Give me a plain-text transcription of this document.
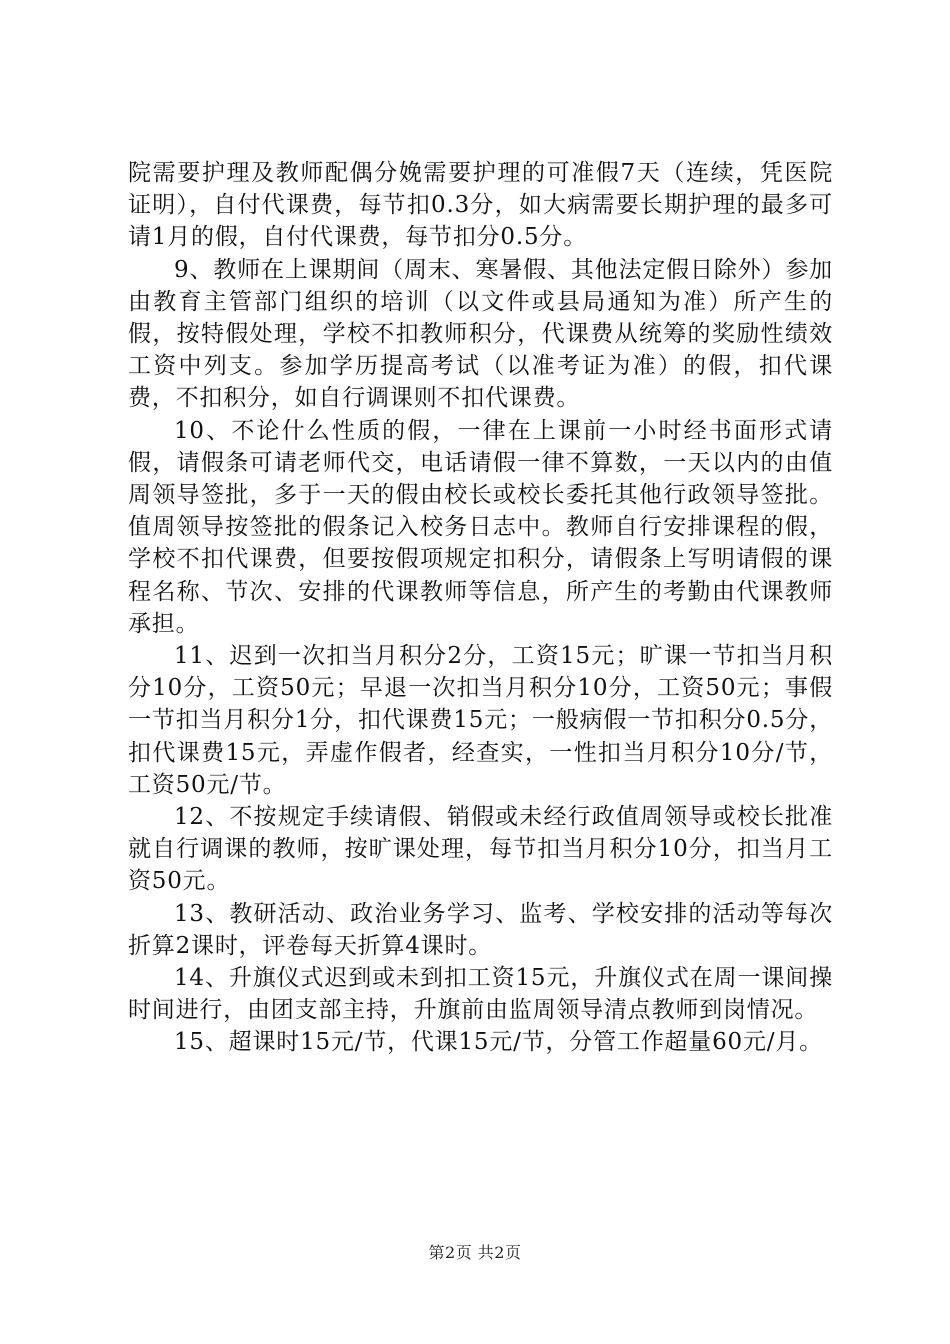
院需要护理及教师配偶分娩需要护理的可准假7天（连续，凭医院证明），自付代课费，每节扣0.3分，如大病需要长期护理的最多可请1月的假，自付代课费，每节扣分0.5分。

9、教师在上课期间（周末、寒暑假、其他法定假日除外）参加由教育主管部门组织的培训（以文件或县局通知为准）所产生的假，按特假处理，学校不扣教师积分，代课费从统筹的奖励性绩效工资中列支。参加学历提高考试（以准考证为准）的假，扣代课费，不扣积分，如自行调课则不扣代课费。

10、不论什么性质的假，一律在上课前一小时经书面形式请假，请假条可请老师代交，电话请假一律不算数，一天以内的由值周领导签批，多于一天的假由校长或校长委托其他行政领导签批。值周领导按签批的假条记入校务日志中。教师自行安排课程的假，学校不扣代课费，但要按假项规定扣积分，请假条上写明请假的课程名称、节次、安排的代课教师等信息，所产生的考勤由代课教师承担。

11、迟到一次扣当月积分2分，工资15元；旷课一节扣当月积分10分，工资50元；早退一次扣当月积分10分，工资50元；事假一节扣当月积分1分，扣代课费15元；一般病假一节扣积分0.5分，扣代课费15元，弄虚作假者，经查实，一性扣当月积分10分/节，工资50元/节。

12、不按规定手续请假、销假或未经行政值周领导或校长批准就自行调课的教师，按旷课处理，每节扣当月积分10分，扣当月工资50元。

13、教研活动、政治业务学习、监考、学校安排的活动等每次折算2课时，评卷每天折算4课时。

14、升旗仪式迟到或未到扣工资15元，升旗仪式在周一课间操时间进行，由团支部主持，升旗前由监周领导清点教师到岗情况。

15、超课时15元/节，代课15元/节，分管工作超量60元/月。

第2页 共2页
